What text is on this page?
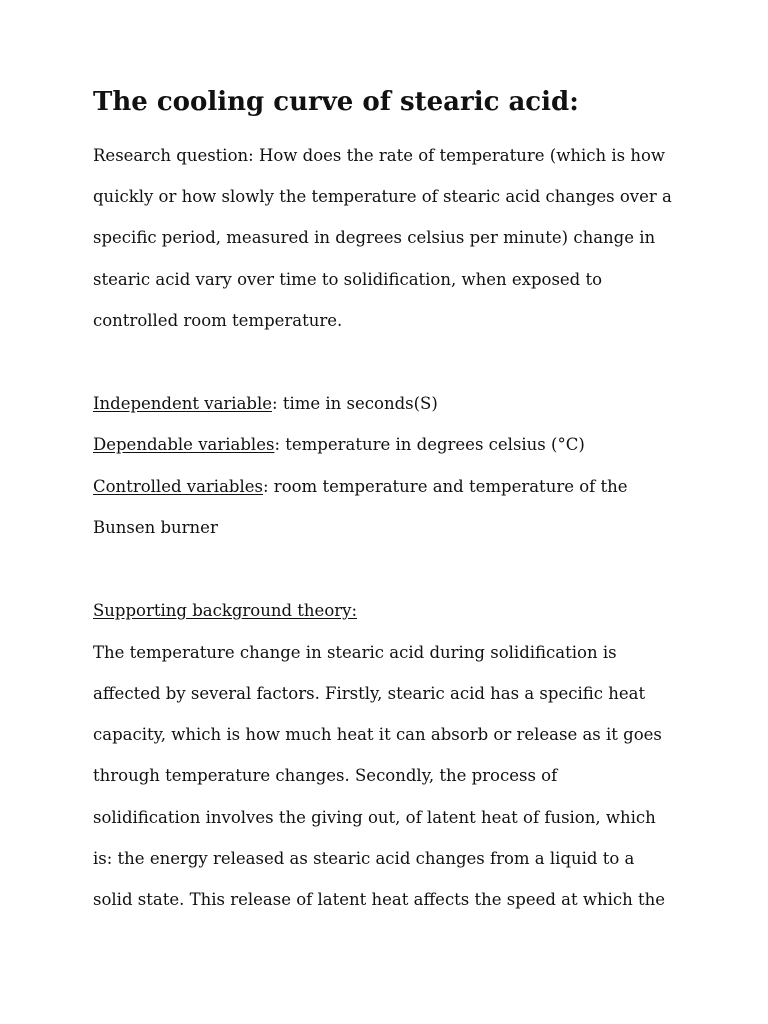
The cooling curve of stearic acid:

Research question: How does the rate of temperature (which is how

quickly or how slowly the temperature of stearic acid changes over a

specific period, measured in degrees celsius per minute) change in

stearic acid vary over time to solidification, when exposed to

controlled room temperature.

Independent variable: time in seconds(S)

Dependable variables: temperature in degrees celsius (°C)

Controlled variables: room temperature and temperature of the

Bunsen burner

Supporting background theory:

The temperature change in stearic acid during solidification is

affected by several factors. Firstly, stearic acid has a specific heat

capacity, which is how much heat it can absorb or release as it goes

through temperature changes. Secondly, the process of

solidification involves the giving out, of latent heat of fusion, which

is: the energy released as stearic acid changes from a liquid to a

solid state. This release of latent heat affects the speed at which the
